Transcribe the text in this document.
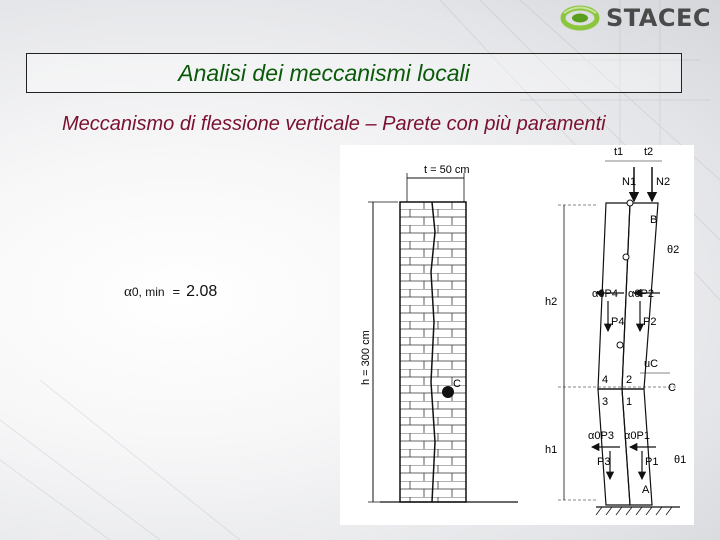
STACEC
Analisi dei meccanismi locali
Meccanismo di flessione verticale – Parete con più paramenti
α0, min = 2.08
t = 50 cm
h = 300 cm	C
h2
h1
t1 t2
N1 N2
B
θ2
α0P4 α0P2
P4 P2
uC
4 2
C
3 1
α0P3 α0P1
P3	P1 θ1
A
